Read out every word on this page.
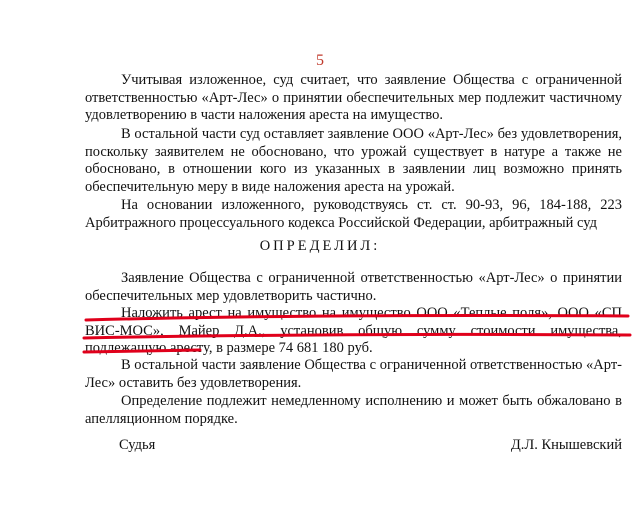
5

Учитывая изложенное, суд считает, что заявление Общества с ограниченной ответственностью «Арт-Лес» о принятии обеспечительных мер подлежит частичному удовлетворению в части наложения ареста на имущество.

В остальной части суд оставляет заявление ООО «Арт-Лес» без удовлетворения, поскольку заявителем не обосновано, что урожай существует в натуре а также не обосновано, в отношении кого из указанных в заявлении лиц возможно принять обеспечительную меру в виде наложения ареста на урожай.

На основании изложенного, руководствуясь ст. ст. 90-93, 96, 184-188, 223 Арбитражного процессуального кодекса Российской Федерации, арбитражный суд

ОПРЕДЕЛИЛ:

Заявление Общества с ограниченной ответственностью «Арт-Лес» о принятии обеспечительных мер удовлетворить частично.

Наложить арест на имущество на имущество ООО «Теплые поля», ООО «СП ВИС-МОС», Майер Д.А., установив общую сумму стоимости имущества, подлежащую аресту, в размере 74 681 180 руб.

В остальной части заявление Общества с ограниченной ответственностью «Арт-Лес» оставить без удовлетворения.

Определение подлежит немедленному исполнению и может быть обжаловано в апелляционном порядке.

Судья	Д.Л. Кнышевский
